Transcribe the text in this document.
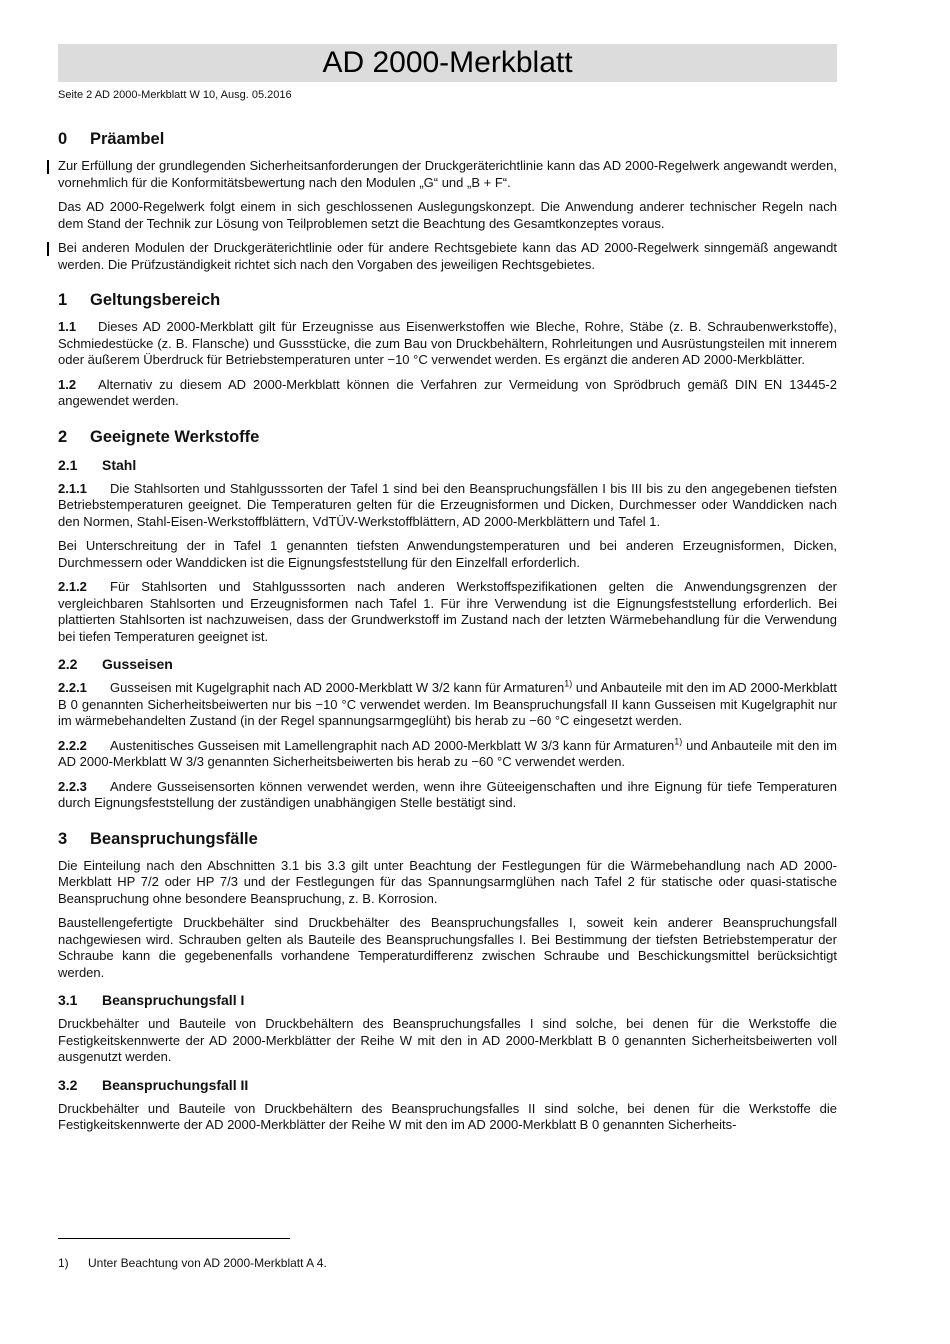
AD 2000-Merkblatt
Seite 2 AD 2000-Merkblatt W 10, Ausg. 05.2016
0 Präambel

Zur Erfüllung der grundlegenden Sicherheitsanforderungen der Druckgeräterichtlinie kann das AD 2000-Regelwerk angewandt werden, vornehmlich für die Konformitätsbewertung nach den Modulen „G“ und „B + F“.

Das AD 2000-Regelwerk folgt einem in sich geschlossenen Auslegungskonzept. Die Anwendung anderer technischer Regeln nach dem Stand der Technik zur Lösung von Teilproblemen setzt die Beachtung des Gesamtkonzeptes voraus.

Bei anderen Modulen der Druckgeräterichtlinie oder für andere Rechtsgebiete kann das AD 2000-Regelwerk sinngemäß angewandt werden. Die Prüfzuständigkeit richtet sich nach den Vorgaben des jeweiligen Rechtsgebietes.

1 Geltungsbereich

1.1 Dieses AD 2000-Merkblatt gilt für Erzeugnisse aus Eisenwerkstoffen wie Bleche, Rohre, Stäbe (z. B. Schraubenwerkstoffe), Schmiedestücke (z. B. Flansche) und Gussstücke, die zum Bau von Druckbehältern, Rohrleitungen und Ausrüstungsteilen mit innerem oder äußerem Überdruck für Betriebstemperaturen unter −10 °C verwendet werden. Es ergänzt die anderen AD 2000-Merkblätter.

1.2 Alternativ zu diesem AD 2000-Merkblatt können die Verfahren zur Vermeidung von Sprödbruch gemäß DIN EN 13445-2 angewendet werden.

2 Geeignete Werkstoffe
2.1 Stahl

2.1.1 Die Stahlsorten und Stahlgusssorten der Tafel 1 sind bei den Beanspruchungsfällen I bis III bis zu den angegebenen tiefsten Betriebstemperaturen geeignet. Die Temperaturen gelten für die Erzeugnisformen und Dicken, Durchmesser oder Wanddicken nach den Normen, Stahl-Eisen-Werkstoffblättern, VdTÜV-Werkstoffblättern, AD 2000-Merkblättern und Tafel 1.

Bei Unterschreitung der in Tafel 1 genannten tiefsten Anwendungstemperaturen und bei anderen Erzeugnisformen, Dicken, Durchmessern oder Wanddicken ist die Eignungsfeststellung für den Einzelfall erforderlich.

2.1.2 Für Stahlsorten und Stahlgusssorten nach anderen Werkstoffspezifikationen gelten die Anwendungsgrenzen der vergleichbaren Stahlsorten und Erzeugnisformen nach Tafel 1. Für ihre Verwendung ist die Eignungsfeststellung erforderlich. Bei plattierten Stahlsorten ist nachzuweisen, dass der Grundwerkstoff im Zustand nach der letzten Wärmebehandlung für die Verwendung bei tiefen Temperaturen geeignet ist.

2.2 Gusseisen

2.2.1 Gusseisen mit Kugelgraphit nach AD 2000-Merkblatt W 3/2 kann für Armaturen$^{1)}$ und Anbauteile mit den im AD 2000-Merkblatt B 0 genannten Sicherheitsbeiwerten nur bis −10 °C verwendet werden. Im Beanspruchungsfall II kann Gusseisen mit Kugelgraphit nur im wärmebehandelten Zustand (in der Regel spannungsarmgeglüht) bis herab zu −60 °C eingesetzt werden.

2.2.2 Austenitisches Gusseisen mit Lamellengraphit nach AD 2000-Merkblatt W 3/3 kann für Armaturen$^{1)}$ und Anbauteile mit den im AD 2000-Merkblatt W 3/3 genannten Sicherheitsbeiwerten bis herab zu −60 °C verwendet werden.

2.2.3 Andere Gusseisensorten können verwendet werden, wenn ihre Güteeigenschaften und ihre Eignung für tiefe Temperaturen durch Eignungsfeststellung der zuständigen unabhängigen Stelle bestätigt sind.

3 Beanspruchungsfälle

Die Einteilung nach den Abschnitten 3.1 bis 3.3 gilt unter Beachtung der Festlegungen für die Wärmebehandlung nach AD 2000-Merkblatt HP 7/2 oder HP 7/3 und der Festlegungen für das Spannungsarmglühen nach Tafel 2 für statische oder quasi-statische Beanspruchung ohne besondere Beanspruchung, z. B. Korrosion.

Baustellengefertigte Druckbehälter sind Druckbehälter des Beanspruchungsfalles I, soweit kein anderer Beanspruchungsfall nachgewiesen wird. Schrauben gelten als Bauteile des Beanspruchungsfalles I. Bei Bestimmung der tiefsten Betriebstemperatur der Schraube kann die gegebenenfalls vorhandene Temperaturdifferenz zwischen Schraube und Beschickungsmittel berücksichtigt werden.

3.1 Beanspruchungsfall I

Druckbehälter und Bauteile von Druckbehältern des Beanspruchungsfalles I sind solche, bei denen für die Werkstoffe die Festigkeitskennwerte der AD 2000-Merkblätter der Reihe W mit den in AD 2000-Merkblatt B 0 genannten Sicherheitsbeiwerten voll ausgenutzt werden.

3.2 Beanspruchungsfall II

Druckbehälter und Bauteile von Druckbehältern des Beanspruchungsfalles II sind solche, bei denen für die Werkstoffe die Festigkeitskennwerte der AD 2000-Merkblätter der Reihe W mit den im AD 2000-Merkblatt B 0 genannten Sicherheits-

1) Unter Beachtung von AD 2000-Merkblatt A 4.
